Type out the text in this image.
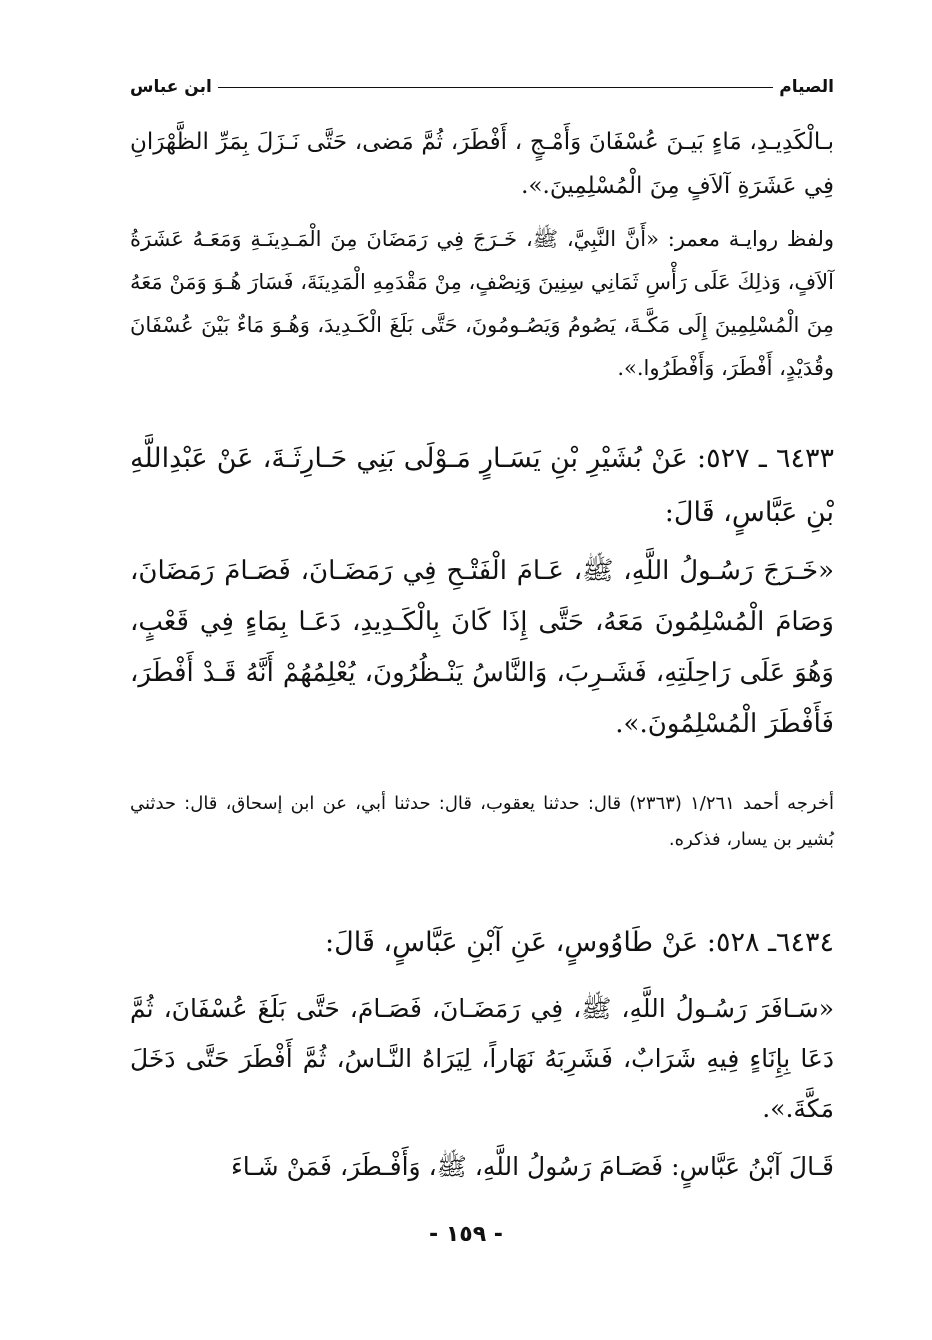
الصيام
ابن عباس

بـالْكَدِيـدِ، مَاءٍ بَيـنَ عُسْفَانَ وَأَمْـجٍ ، أَفْطَرَ، ثُمَّ مَضى، حَتَّى نَـزَلَ بِمَرِّ الظَّهْرَانِ فِي عَشَرَةِ آلاَفٍ مِنَ الْمُسْلِمِينَ.».

ولفظ روايـة معمر: «أَنَّ النَّبِيَّ، ﷺ، خَـرَجَ فِي رَمَضَانَ مِنَ الْمَـدِينَـةِ وَمَعَـهُ عَشَرَةُ آلاَفٍ، وَذلِكَ عَلَى رَأْسِ ثَمَانِي سِنِينَ وَنِصْفٍ، مِنْ مَقْدَمِهِ الْمَدِينَةَ، فَسَارَ هُـوَ وَمَنْ مَعَهُ مِنَ الْمُسْلِمِينَ إِلَى مَكَّـةَ، يَصُومُ وَيَصُـومُونَ، حَتَّى بَلَغَ الْكَـدِيدَ، وَهُـوَ مَاءٌ بَيْنَ عُسْفَانَ وقُدَيْدٍ، أَفْطَرَ، وَأَفْطَرُوا.».

٦٤٣٣ ـ ٥٢٧: عَنْ بُشَيْرِ بْنِ يَسَـارٍ مَـوْلَى بَنِي حَـارِثَـةَ، عَنْ عَبْدِاللَّهِ بْنِ عَبَّاسٍ، قَالَ:

«خَـرَجَ رَسُـولُ اللَّهِ، ﷺ، عَـامَ الْفَتْـحِ فِي رَمَضَـانَ، فَصَـامَ رَمَضَانَ، وَصَامَ الْمُسْلِمُونَ مَعَهُ، حَتَّى إِذَا كَانَ بِالْكَـدِيدِ، دَعَـا بِمَاءٍ فِي قَعْبٍ، وَهُوَ عَلَى رَاحِلَتِهِ، فَشَـرِبَ، وَالنَّاسُ يَنْـظُرُونَ، يُعْلِمُهُمْ أَنَّهُ قَـدْ أَفْطَرَ، فَأَفْطَرَ الْمُسْلِمُونَ.».

أخرجه أحمد ١/٢٦١ (٢٣٦٣) قال: حدثنا يعقوب، قال: حدثنا أبي، عن ابن إسحاق، قال: حدثني بُشير بن يسار، فذكره.

٦٤٣٤ـ ٥٢٨: عَنْ طَاوُوسٍ، عَنِ آبْنِ عَبَّاسٍ، قَالَ:

«سَـافَرَ رَسُـولُ اللَّهِ، ﷺ، فِي رَمَضَـانَ، فَصَـامَ، حَتَّى بَلَغَ عُسْفَانَ، ثُمَّ دَعَا بِإِنَاءٍ فِيهِ شَرَابٌ، فَشَرِبَهُ نَهَاراً، لِيَرَاهُ النَّـاسُ، ثُمَّ أَفْطَرَ حَتَّى دَخَلَ مَكَّةَ.».

قَـالَ آبْنُ عَبَّاسٍ: فَصَـامَ رَسُولُ اللَّهِ، ﷺ، وَأَفْـطَرَ، فَمَنْ شَـاءَ

- ١٥٩ -
